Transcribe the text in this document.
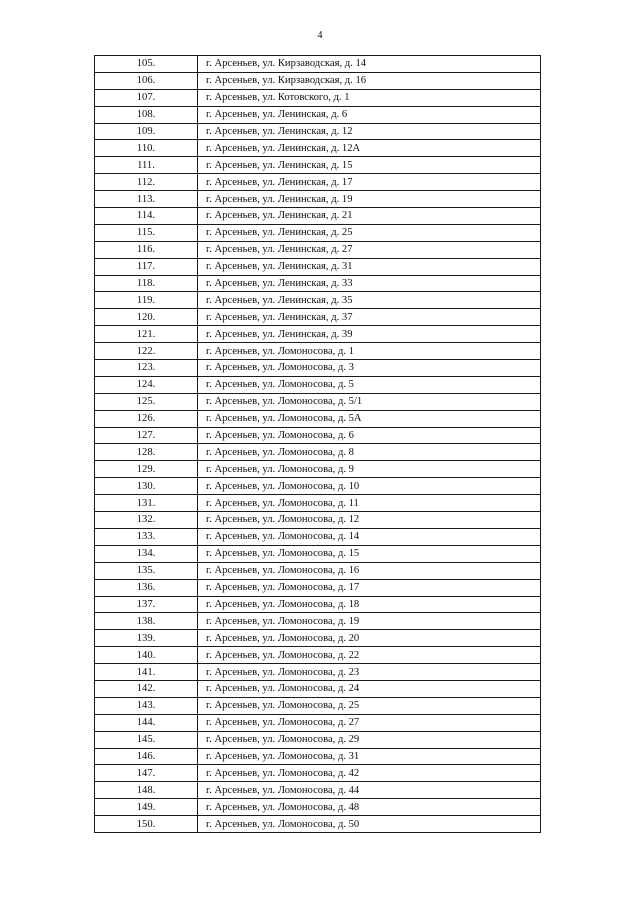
4
105.	г. Арсеньев, ул. Кирзаводская, д. 14
106.	г. Арсеньев, ул. Кирзаводская, д. 16
107.	г. Арсеньев, ул. Котовского, д. 1
108.	г. Арсеньев, ул. Ленинская, д. 6
109.	г. Арсеньев, ул. Ленинская, д. 12
110.	г. Арсеньев, ул. Ленинская, д. 12А
111.	г. Арсеньев, ул. Ленинская, д. 15
112.	г. Арсеньев, ул. Ленинская, д. 17
113.	г. Арсеньев, ул. Ленинская, д. 19
114.	г. Арсеньев, ул. Ленинская, д. 21
115.	г. Арсеньев, ул. Ленинская, д. 25
116.	г. Арсеньев, ул. Ленинская, д. 27
117.	г. Арсеньев, ул. Ленинская, д. 31
118.	г. Арсеньев, ул. Ленинская, д. 33
119.	г. Арсеньев, ул. Ленинская, д. 35
120.	г. Арсеньев, ул. Ленинская, д. 37
121.	г. Арсеньев, ул. Ленинская, д. 39
122.	г. Арсеньев, ул. Ломоносова, д. 1
123.	г. Арсеньев, ул. Ломоносова, д. 3
124.	г. Арсеньев, ул. Ломоносова, д. 5
125.	г. Арсеньев, ул. Ломоносова, д. 5/1
126.	г. Арсеньев, ул. Ломоносова, д. 5А
127.	г. Арсеньев, ул. Ломоносова, д. 6
128.	г. Арсеньев, ул. Ломоносова, д. 8
129.	г. Арсеньев, ул. Ломоносова, д. 9
130.	г. Арсеньев, ул. Ломоносова, д. 10
131.	г. Арсеньев, ул. Ломоносова, д. 11
132.	г. Арсеньев, ул. Ломоносова, д. 12
133.	г. Арсеньев, ул. Ломоносова, д. 14
134.	г. Арсеньев, ул. Ломоносова, д. 15
135.	г. Арсеньев, ул. Ломоносова, д. 16
136.	г. Арсеньев, ул. Ломоносова, д. 17
137.	г. Арсеньев, ул. Ломоносова, д. 18
138.	г. Арсеньев, ул. Ломоносова, д. 19
139.	г. Арсеньев, ул. Ломоносова, д. 20
140.	г. Арсеньев, ул. Ломоносова, д. 22
141.	г. Арсеньев, ул. Ломоносова, д. 23
142.	г. Арсеньев, ул. Ломоносова, д. 24
143.	г. Арсеньев, ул. Ломоносова, д. 25
144.	г. Арсеньев, ул. Ломоносова, д. 27
145.	г. Арсеньев, ул. Ломоносова, д. 29
146.	г. Арсеньев, ул. Ломоносова, д. 31
147.	г. Арсеньев, ул. Ломоносова, д. 42
148.	г. Арсеньев, ул. Ломоносова, д. 44
149.	г. Арсеньев, ул. Ломоносова, д. 48
150.	г. Арсеньев, ул. Ломоносова, д. 50
